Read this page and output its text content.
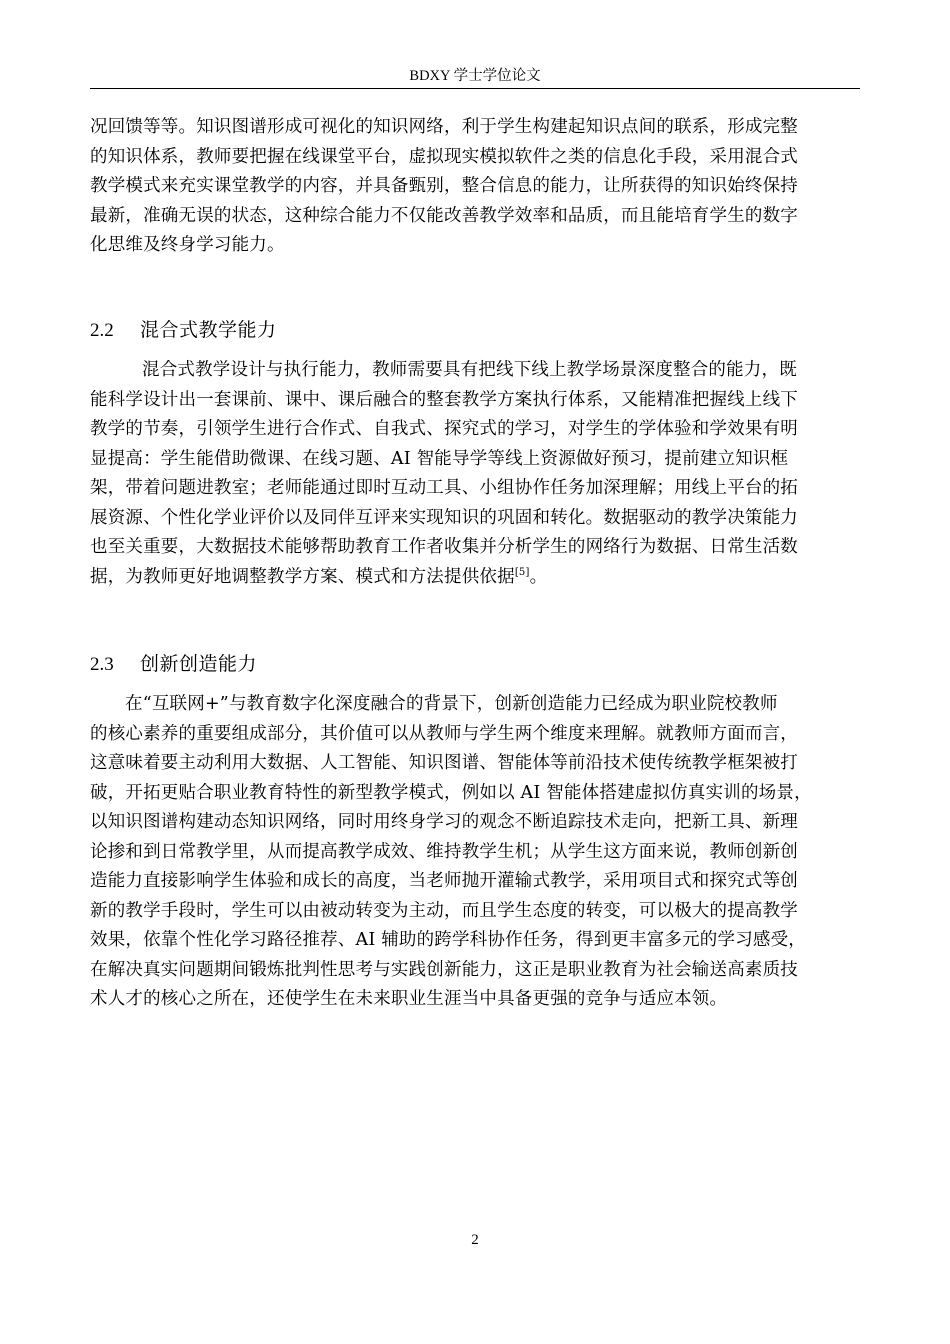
BDXY 学士学位论文
况回馈等等。知识图谱形成可视化的知识网络，利于学生构建起知识点间的联系，形成完整
的知识体系，教师要把握在线课堂平台，虚拟现实模拟软件之类的信息化手段，采用混合式
教学模式来充实课堂教学的内容，并具备甄别，整合信息的能力，让所获得的知识始终保持
最新，准确无误的状态，这种综合能力不仅能改善教学效率和品质，而且能培育学生的数字
化思维及终身学习能力。
2.2 混合式教学能力
混合式教学设计与执行能力，教师需要具有把线下线上教学场景深度整合的能力，既
能科学设计出一套课前、课中、课后融合的整套教学方案执行体系，又能精准把握线上线下
教学的节奏，引领学生进行合作式、自我式、探究式的学习，对学生的学体验和学效果有明
显提高：学生能借助微课、在线习题、AI 智能导学等线上资源做好预习，提前建立知识框
架，带着问题进教室；老师能通过即时互动工具、小组协作任务加深理解；用线上平台的拓
展资源、个性化学业评价以及同伴互评来实现知识的巩固和转化。数据驱动的教学决策能力
也至关重要，大数据技术能够帮助教育工作者收集并分析学生的网络行为数据、日常生活数
据，为教师更好地调整教学方案、模式和方法提供依据[5]。
2.3 创新创造能力
在“互联网+”与教育数字化深度融合的背景下，创新创造能力已经成为职业院校教师
的核心素养的重要组成部分，其价值可以从教师与学生两个维度来理解。就教师方面而言，
这意味着要主动利用大数据、人工智能、知识图谱、智能体等前沿技术使传统教学框架被打
破，开拓更贴合职业教育特性的新型教学模式，例如以 AI 智能体搭建虚拟仿真实训的场景，
以知识图谱构建动态知识网络，同时用终身学习的观念不断追踪技术走向，把新工具、新理
论掺和到日常教学里，从而提高教学成效、维持教学生机；从学生这方面来说，教师创新创
造能力直接影响学生体验和成长的高度，当老师抛开灌输式教学，采用项目式和探究式等创
新的教学手段时，学生可以由被动转变为主动，而且学生态度的转变，可以极大的提高教学
效果，依靠个性化学习路径推荐、AI 辅助的跨学科协作任务，得到更丰富多元的学习感受，
在解决真实问题期间锻炼批判性思考与实践创新能力，这正是职业教育为社会输送高素质技
术人才的核心之所在，还使学生在未来职业生涯当中具备更强的竞争与适应本领。
2
